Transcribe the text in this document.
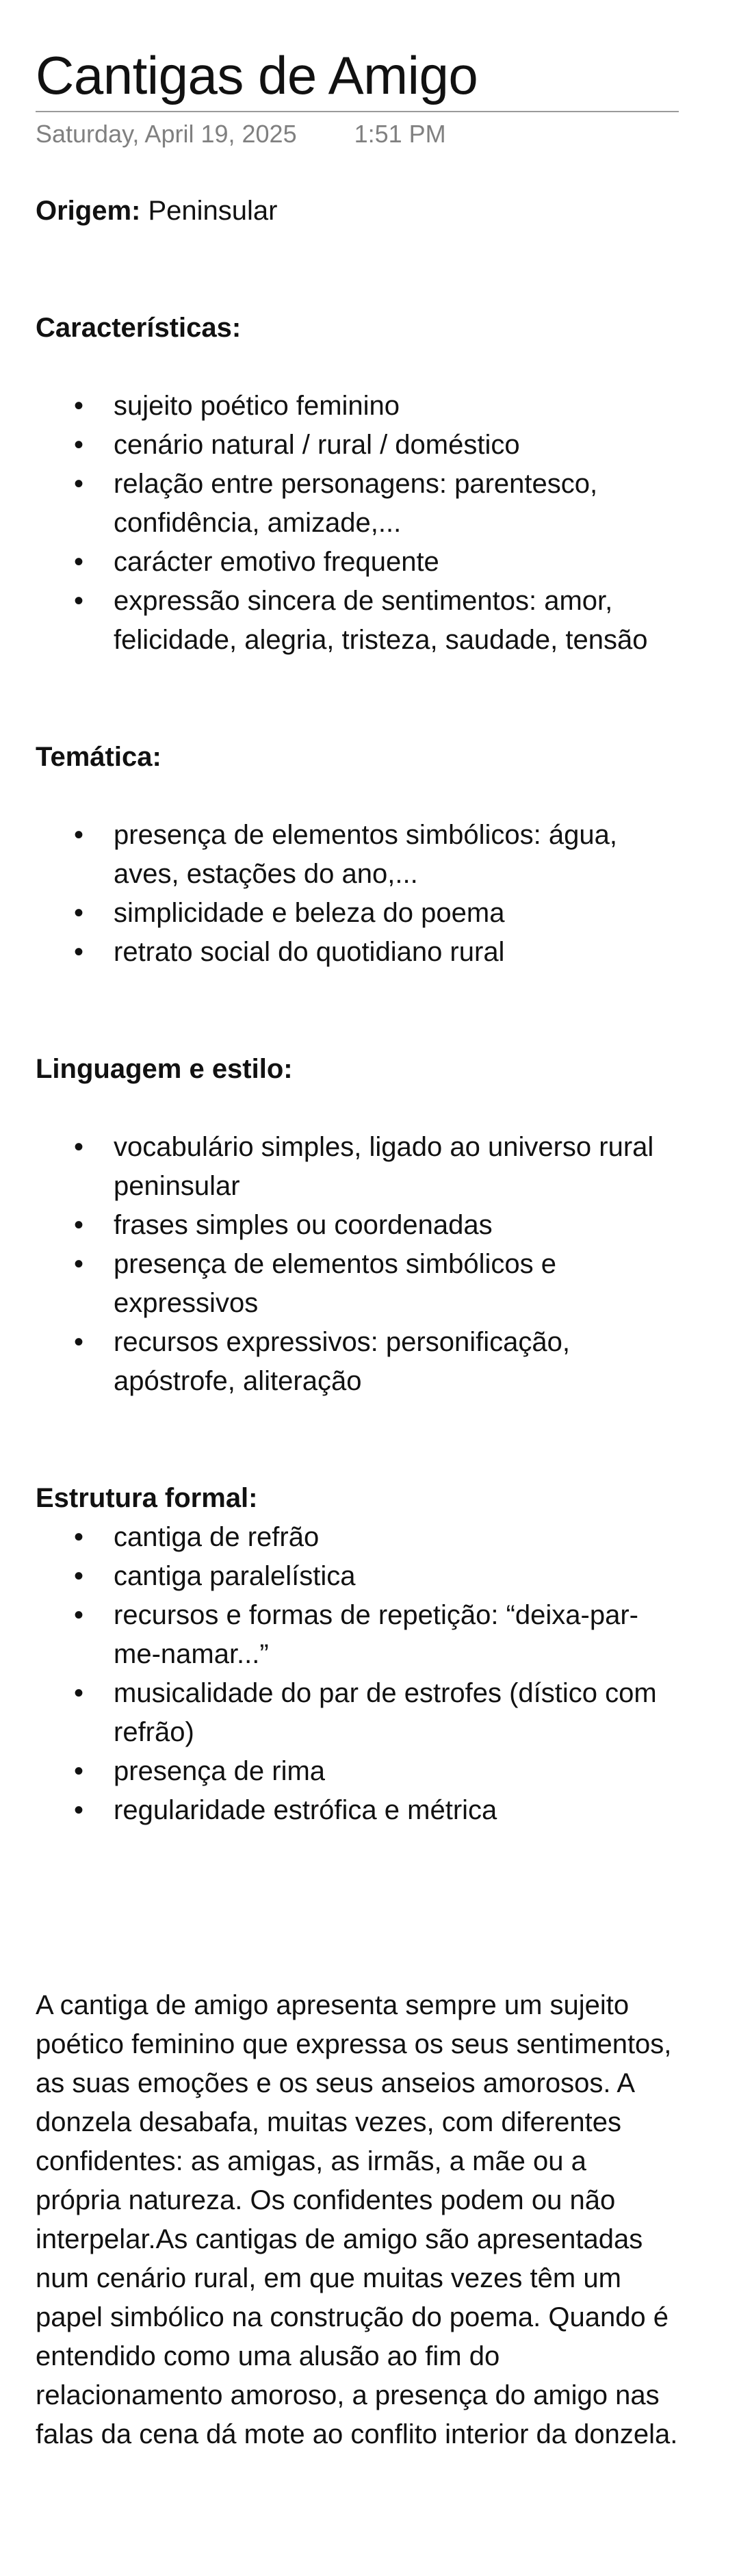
Cantigas de Amigo
Saturday, April 19, 2025 1:51 PM

Origem: Peninsular

Características:

• sujeito poético feminino
• cenário natural / rural / doméstico
• relação entre personagens: parentesco, confidência, amizade,...
• carácter emotivo frequente
• expressão sincera de sentimentos: amor, felicidade, alegria, tristeza, saudade, tensão

Temática:

• presença de elementos simbólicos: água, aves, estações do ano,...
• simplicidade e beleza do poema
• retrato social do quotidiano rural

Linguagem e estilo:

• vocabulário simples, ligado ao universo rural peninsular
• frases simples ou coordenadas
• presença de elementos simbólicos e expressivos
• recursos expressivos: personificação, apóstrofe, aliteração

Estrutura formal:

• cantiga de refrão
• cantiga paralelística
• recursos e formas de repetição: “deixa-par-me-namar...”
• musicalidade do par de estrofes (dístico com refrão)
• presença de rima
• regularidade estrófica e métrica

A cantiga de amigo apresenta sempre um sujeito poético feminino que expressa os seus sentimentos, as suas emoções e os seus anseios amorosos. A donzela desabafa, muitas vezes, com diferentes confidentes: as amigas, as irmãs, a mãe ou a própria natureza. Os confidentes podem ou não interpelar.As cantigas de amigo são apresentadas num cenário rural, em que muitas vezes têm um papel simbólico na construção do poema. Quando é entendido como uma alusão ao fim do relacionamento amoroso, a presença do amigo nas falas da cena dá mote ao conflito interior da donzela.
